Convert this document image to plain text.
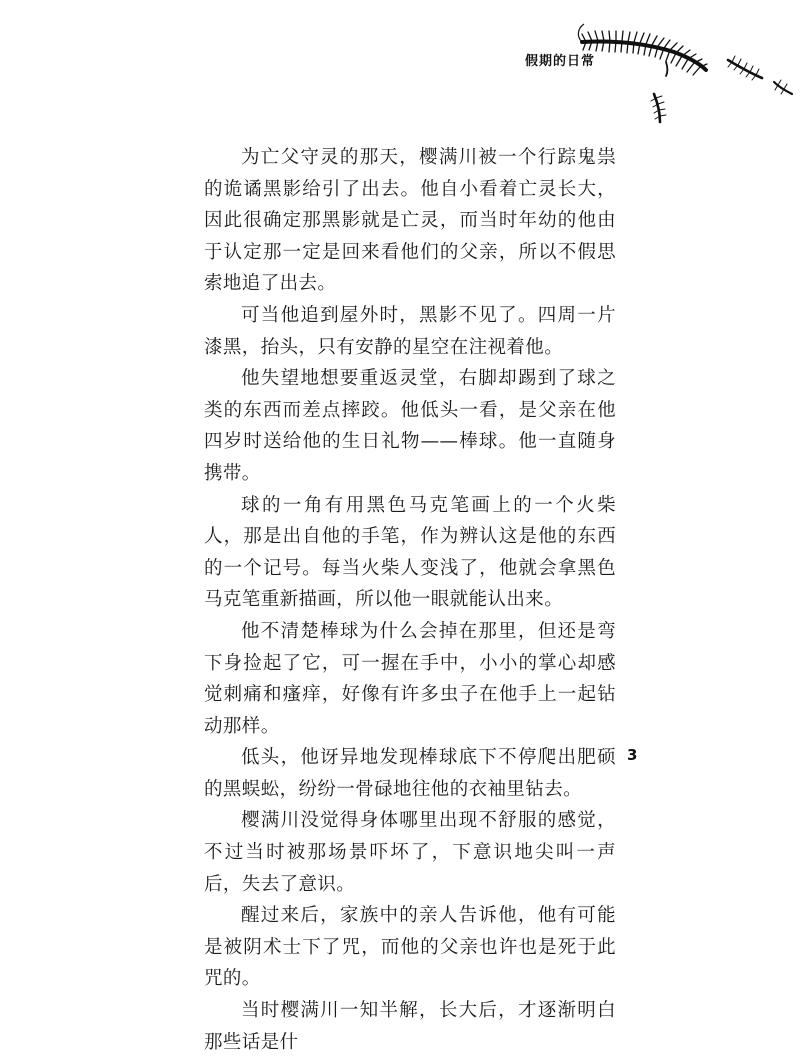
假期的日常

为亡父守灵的那天，樱满川被一个行踪鬼祟的诡谲黑影给引了出去。他自小看着亡灵长大，因此很确定那黑影就是亡灵，而当时年幼的他由于认定那一定是回来看他们的父亲，所以不假思索地追了出去。

可当他追到屋外时，黑影不见了。四周一片漆黑，抬头，只有安静的星空在注视着他。

他失望地想要重返灵堂，右脚却踢到了球之类的东西而差点摔跤。他低头一看，是父亲在他四岁时送给他的生日礼物——棒球。他一直随身携带。

球的一角有用黑色马克笔画上的一个火柴人，那是出自他的手笔，作为辨认这是他的东西的一个记号。每当火柴人变浅了，他就会拿黑色马克笔重新描画，所以他一眼就能认出来。

他不清楚棒球为什么会掉在那里，但还是弯下身捡起了它，可一握在手中，小小的掌心却感觉刺痛和瘙痒，好像有许多虫子在他手上一起钻动那样。

低头，他讶异地发现棒球底下不停爬出肥硕的黑蜈蚣，纷纷一骨碌地往他的衣袖里钻去。

樱满川没觉得身体哪里出现不舒服的感觉，不过当时被那场景吓坏了，下意识地尖叫一声后，失去了意识。

醒过来后，家族中的亲人告诉他，他有可能是被阴术士下了咒，而他的父亲也许也是死于此咒的。

当时樱满川一知半解，长大后，才逐渐明白那些话是什

3
